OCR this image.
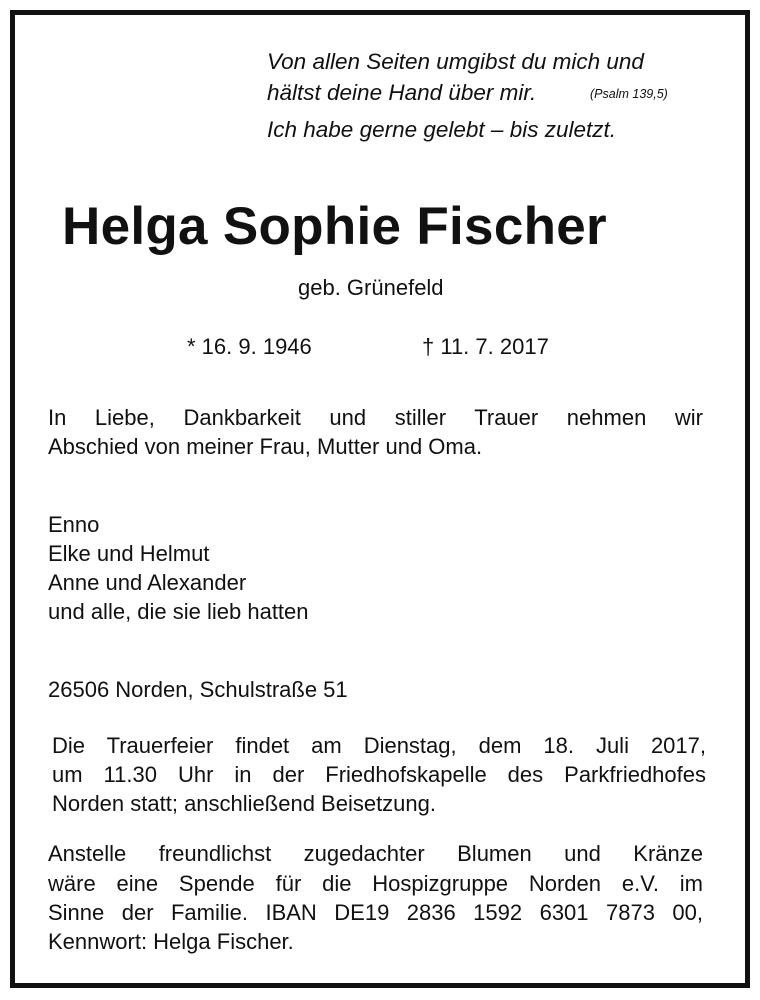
Von allen Seiten umgibst du mich und
hältst deine Hand über mir.	(Psalm 139,5)
Ich habe gerne gelebt – bis zuletzt.
Helga Sophie Fischer
geb. Grünefeld
* 16. 9. 1946	† 11. 7. 2017
In Liebe, Dankbarkeit und stiller Trauer nehmen wir
Abschied von meiner Frau, Mutter und Oma.
Enno
Elke und Helmut
Anne und Alexander
und alle, die sie lieb hatten
26506 Norden, Schulstraße 51
Die Trauerfeier findet am Dienstag, dem 18. Juli 2017,
um 11.30 Uhr in der Friedhofskapelle des Parkfriedhofes
Norden statt; anschließend Beisetzung.
Anstelle freundlichst zugedachter Blumen und Kränze
wäre eine Spende für die Hospizgruppe Norden e.V. im
Sinne der Familie. IBAN DE19 2836 1592 6301 7873 00,
Kennwort: Helga Fischer.
